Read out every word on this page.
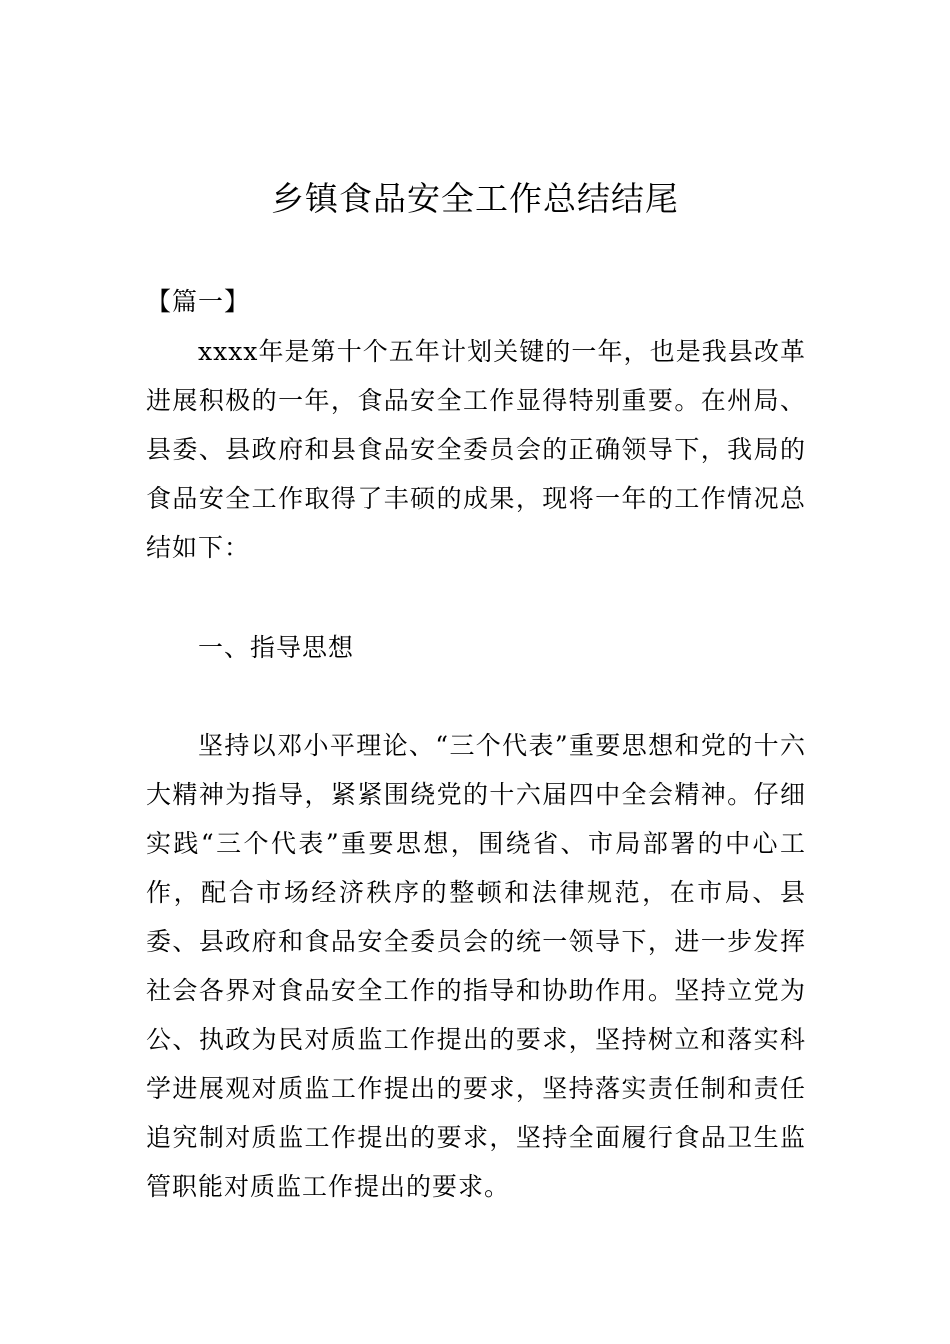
乡镇食品安全工作总结结尾

【篇一】

xxxx年是第十个五年计划关键的一年，也是我县改革进展积极的一年，食品安全工作显得特别重要。在州局、县委、县政府和县食品安全委员会的正确领导下，我局的食品安全工作取得了丰硕的成果，现将一年的工作情况总结如下：

一、指导思想

坚持以邓小平理论、“三个代表”重要思想和党的十六大精神为指导，紧紧围绕党的十六届四中全会精神。仔细实践“三个代表”重要思想，围绕省、市局部署的中心工作，配合市场经济秩序的整顿和法律规范，在市局、县委、县政府和食品安全委员会的统一领导下，进一步发挥社会各界对食品安全工作的指导和协助作用。坚持立党为公、执政为民对质监工作提出的要求，坚持树立和落实科学进展观对质监工作提出的要求，坚持落实责任制和责任追究制对质监工作提出的要求，坚持全面履行食品卫生监管职能对质监工作提出的要求。
